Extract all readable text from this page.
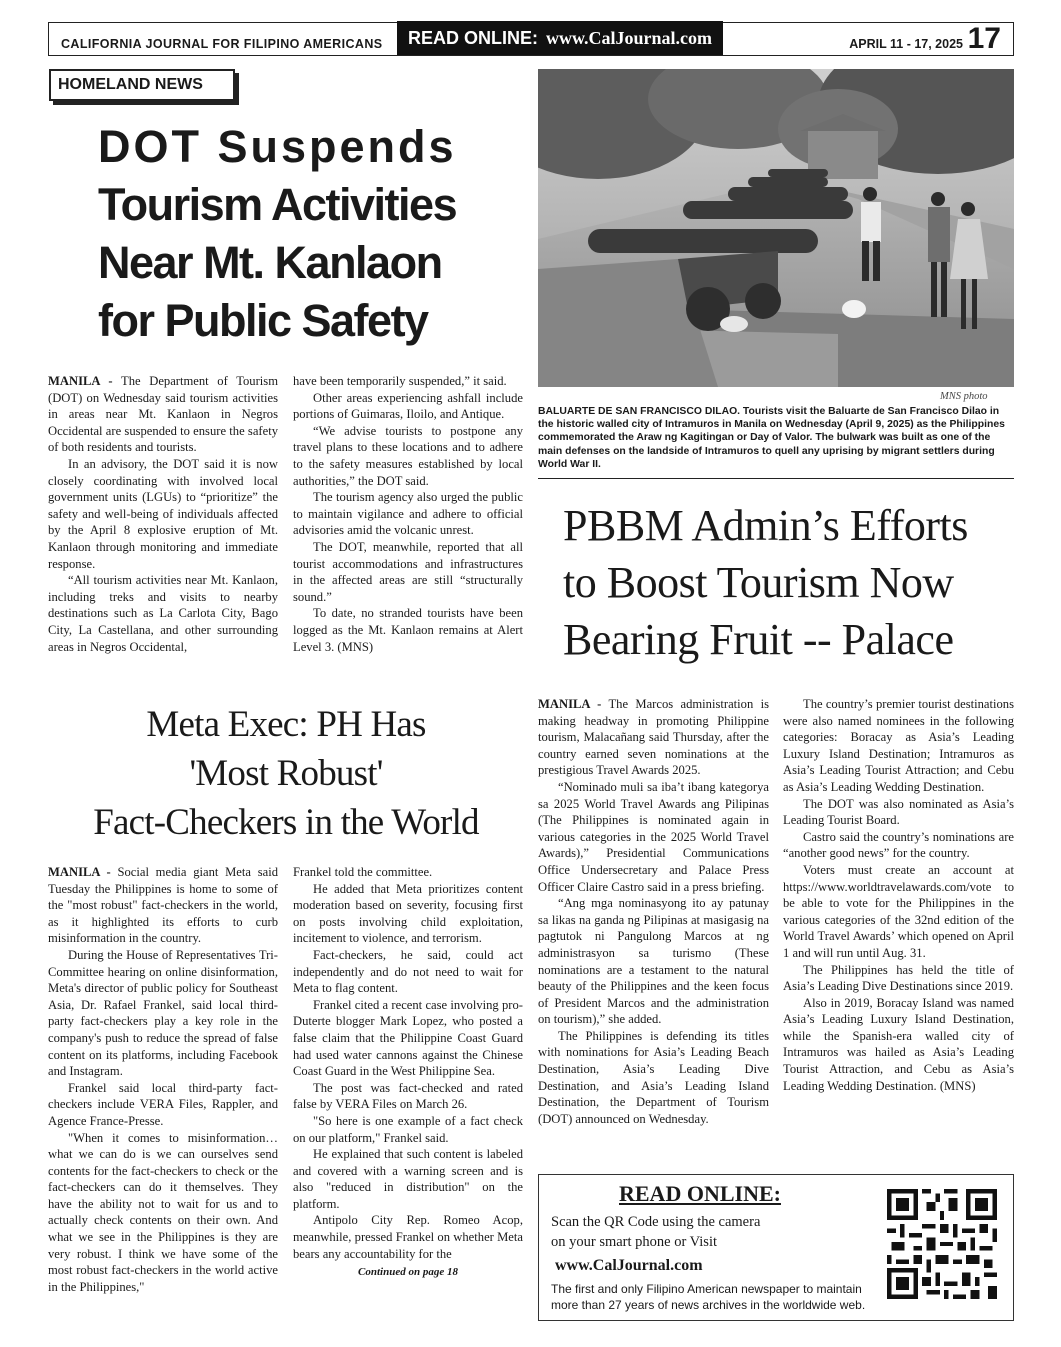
CALIFORNIA JOURNAL FOR FILIPINO AMERICANS READ ONLINE: www.CalJournal.com	APRIL 11 - 17, 2025 17
HOMELAND NEWS
DOT Suspends
Tourism Activities
Near Mt. Kanlaon
for Public Safety
MNS photo
BALUARTE DE SAN FRANCISCO DILAO. Tourists visit the Baluarte de San Francisco Dilao in the historic walled city of Intramuros in Manila on Wednesday (April 9, 2025) as the Philippines commemorated the Araw ng Kagitingan or Day of Valor. The bulwark was built as one of the main defenses on the landside of Intramuros to quell any uprising by migrant settlers during World War II.
PBBM Admin’s Efforts
to Boost Tourism Now
Bearing Fruit -- Palace

MANILA - The Department of Tourism (DOT) on Wednesday said tourism activities in areas near Mt. Kanlaon in Negros Occidental are suspended to ensure the safety of both residents and tourists.

In an advisory, the DOT said it is now closely coordinating with involved local government units (LGUs) to “prioritize” the safety and well-being of individuals affected by the April 8 explosive eruption of Mt. Kanlaon through monitoring and immediate response.

“All tourism activities near Mt. Kanlaon, including treks and visits to nearby destinations such as La Carlota City, Bago City, La Castellana, and other surrounding areas in Negros Occidental,

have been temporarily suspended,” it said.

Other areas experiencing ashfall include portions of Guimaras, Iloilo, and Antique.

“We advise tourists to postpone any travel plans to these locations and to adhere to the safety measures established by local authorities,” the DOT said.

The tourism agency also urged the public to maintain vigilance and adhere to official advisories amid the volcanic unrest.

The DOT, meanwhile, reported that all tourist accommodations and infrastructures in the affected areas are still “structurally sound.”

To date, no stranded tourists have been logged as the Mt. Kanlaon remains at Alert Level 3. (MNS)

Meta Exec: PH Has
'Most Robust'
Fact-Checkers in the World

MANILA - Social media giant Meta said Tuesday the Philippines is home to some of the "most robust" fact-checkers in the world, as it highlighted its efforts to curb misinformation in the country.

During the House of Representatives Tri-Committee hearing on online disinformation, Meta's director of public policy for Southeast Asia, Dr. Rafael Frankel, said local third-party fact-checkers play a key role in the company's push to reduce the spread of false content on its platforms, including Facebook and Instagram.

Frankel said local third-party fact-checkers include VERA Files, Rappler, and Agence France-Presse.

"When it comes to misinformation… what we can do is we can ourselves send contents for the fact-checkers to check or the fact-checkers can do it themselves. They have the ability not to wait for us and to actually check contents on their own. And what we see in the Philippines is they are very robust. I think we have some of the most robust fact-checkers in the world active in the Philippines,"

Frankel told the committee.

He added that Meta prioritizes content moderation based on severity, focusing first on posts involving child exploitation, incitement to violence, and terrorism.

Fact-checkers, he said, could act independently and do not need to wait for Meta to flag content.

Frankel cited a recent case involving pro-Duterte blogger Mark Lopez, who posted a false claim that the Philippine Coast Guard had used water cannons against the Chinese Coast Guard in the West Philippine Sea.

The post was fact-checked and rated false by VERA Files on March 26.

"So here is one example of a fact check on our platform," Frankel said.

He explained that such content is labeled and covered with a warning screen and is also "reduced in distribution" on the platform.

Antipolo City Rep. Romeo Acop, meanwhile, pressed Frankel on whether Meta bears any accountability for the

Continued on page 18

MANILA - The Marcos administration is making headway in promoting Philippine tourism, Malacañang said Thursday, after the country earned seven nominations at the prestigious Travel Awards 2025.

“Nominado muli sa iba’t ibang kategorya sa 2025 World Travel Awards ang Pilipinas (The Philippines is nominated again in various categories in the 2025 World Travel Awards),” Presidential Communications Office Undersecretary and Palace Press Officer Claire Castro said in a press briefing.

“Ang mga nominasyong ito ay patunay sa likas na ganda ng Pilipinas at masigasig na pagtutok ni Pangulong Marcos at ng administrasyon sa turismo (These nominations are a testament to the natural beauty of the Philippines and the keen focus of President Marcos and the administration on tourism),” she added.

The Philippines is defending its titles with nominations for Asia’s Leading Beach Destination, Asia’s Leading Dive Destination, and Asia’s Leading Island Destination, the Department of Tourism (DOT) announced on Wednesday.

The country’s premier tourist destinations were also named nominees in the following categories: Boracay as Asia’s Leading Luxury Island Destination; Intramuros as Asia’s Leading Tourist Attraction; and Cebu as Asia’s Leading Wedding Destination.

The DOT was also nominated as Asia’s Leading Tourist Board.

Castro said the country’s nominations are “another good news” for the country.

Voters must create an account at https://www.worldtravelawards.com/vote to be able to vote for the Philippines in the various categories of the 32nd edition of the World Travel Awards’ which opened on April 1 and will run until Aug. 31.

The Philippines has held the title of Asia’s Leading Dive Destinations since 2019.

Also in 2019, Boracay Island was named Asia’s Leading Luxury Island Destination, while the Spanish-era walled city of Intramuros was hailed as Asia’s Leading Tourist Attraction, and Cebu as Asia’s Leading Wedding Destination. (MNS)

READ ONLINE:
Scan the QR Code using the camera
on your smart phone or Visit
www.CalJournal.com
The first and only Filipino American newspaper to maintain more than 27 years of news archives in the worldwide web.
